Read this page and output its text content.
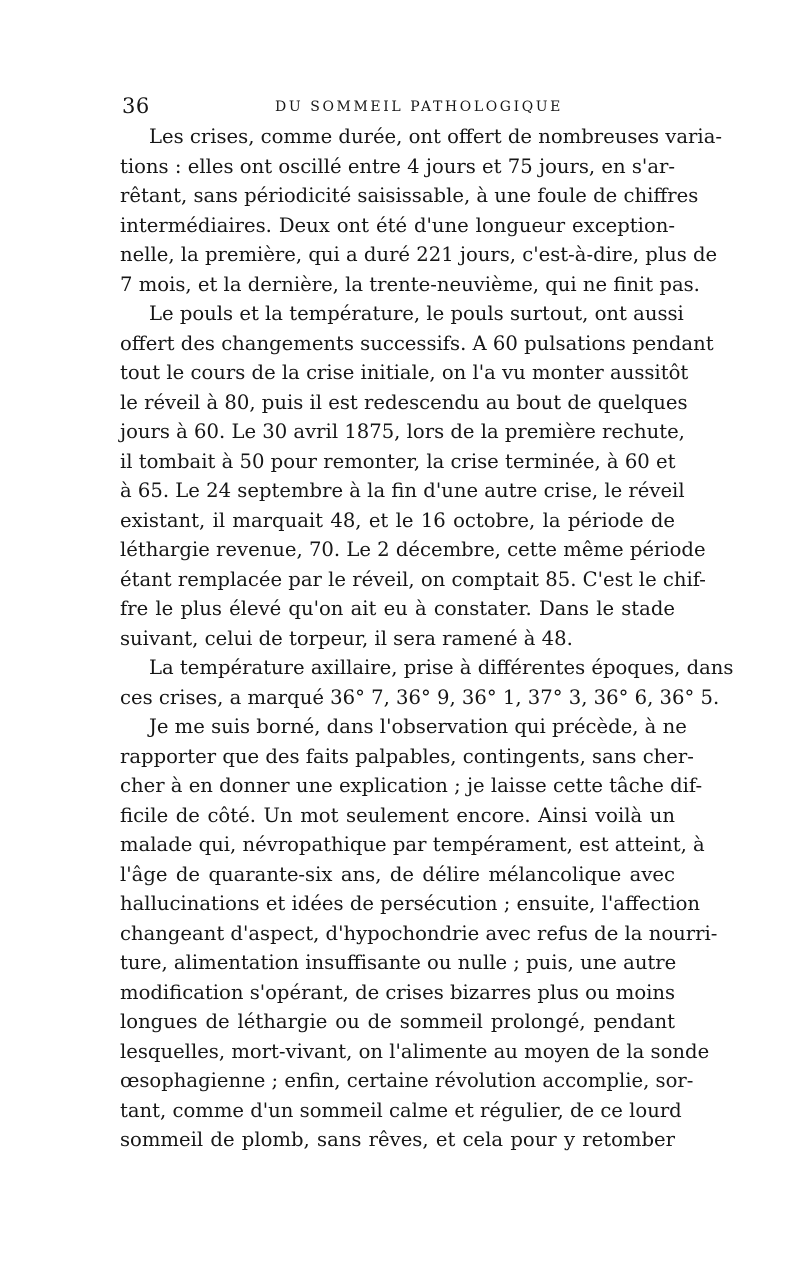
36	DU SOMMEIL PATHOLOGIQUE
Les crises, comme durée, ont offert de nombreuses varia-
tions : elles ont oscillé entre 4 jours et 75 jours, en s'ar-
rêtant, sans périodicité saisissable, à une foule de chiffres
intermédiaires. Deux ont été d'une longueur exception-
nelle, la première, qui a duré 221 jours, c'est-à-dire, plus de
7 mois, et la dernière, la trente-neuvième, qui ne finit pas.
Le pouls et la température, le pouls surtout, ont aussi
offert des changements successifs. A 60 pulsations pendant
tout le cours de la crise initiale, on l'a vu monter aussitôt
le réveil à 80, puis il est redescendu au bout de quelques
jours à 60. Le 30 avril 1875, lors de la première rechute,
il tombait à 50 pour remonter, la crise terminée, à 60 et
à 65. Le 24 septembre à la fin d'une autre crise, le réveil
existant, il marquait 48, et le 16 octobre, la période de
léthargie revenue, 70. Le 2 décembre, cette même période
étant remplacée par le réveil, on comptait 85. C'est le chif-
fre le plus élevé qu'on ait eu à constater. Dans le stade
suivant, celui de torpeur, il sera ramené à 48.
La température axillaire, prise à différentes époques, dans
ces crises, a marqué 36° 7, 36° 9, 36° 1, 37° 3, 36° 6, 36° 5.
Je me suis borné, dans l'observation qui précède, à ne
rapporter que des faits palpables, contingents, sans cher-
cher à en donner une explication ; je laisse cette tâche dif-
ficile de côté. Un mot seulement encore. Ainsi voilà un
malade qui, névropathique par tempérament, est atteint, à
l'âge de quarante-six ans, de délire mélancolique avec
hallucinations et idées de persécution ; ensuite, l'affection
changeant d'aspect, d'hypochondrie avec refus de la nourri-
ture, alimentation insuffisante ou nulle ; puis, une autre
modification s'opérant, de crises bizarres plus ou moins
longues de léthargie ou de sommeil prolongé, pendant
lesquelles, mort-vivant, on l'alimente au moyen de la sonde
œsophagienne ; enfin, certaine révolution accomplie, sor-
tant, comme d'un sommeil calme et régulier, de ce lourd
sommeil de plomb, sans rêves, et cela pour y retomber
